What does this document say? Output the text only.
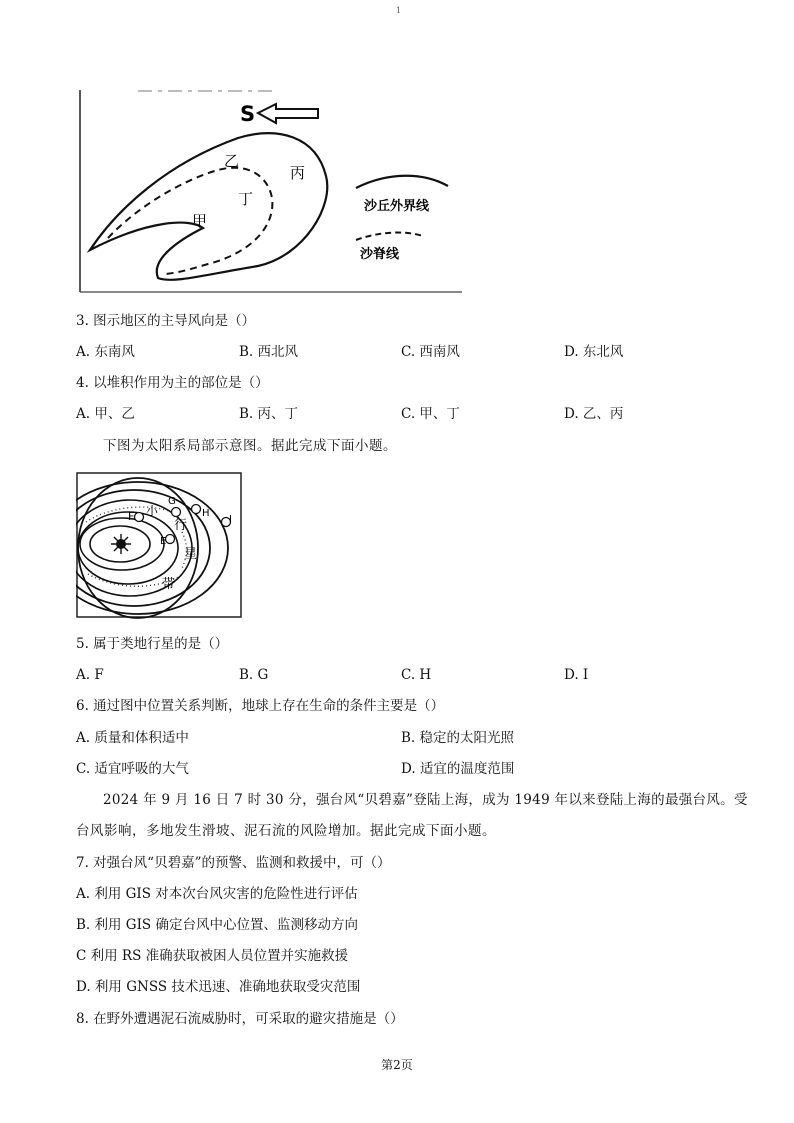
1
S
乙
丙
丁
甲
沙丘外界线
沙脊线
3. 图示地区的主导风向是（）
A. 东南风	B. 西北风	C. 西南风	D. 东北风
4. 以堆积作用为主的部位是（）
A. 甲、乙	B. 丙、丁	C. 甲、丁	D. 乙、丙
下图为太阳系局部示意图。据此完成下面小题。
F
G
H
I
E
小
行
星
带
5. 属于类地行星的是（）
A. F	B. G	C. H	D. I
6. 通过图中位置关系判断，地球上存在生命的条件主要是（）
A. 质量和体积适中	B. 稳定的太阳光照
C. 适宜呼吸的大气	D. 适宜的温度范围
2024 年 9 月 16 日 7 时 30 分，强台风“贝碧嘉”登陆上海，成为 1949 年以来登陆上海的最强台风。受
台风影响，多地发生滑坡、泥石流的风险增加。据此完成下面小题。
7. 对强台风“贝碧嘉”的预警、监测和救援中，可（）
A. 利用 GIS 对本次台风灾害的危险性进行评估
B. 利用 GIS 确定台风中心位置、监测移动方向
C 利用 RS 准确获取被困人员位置并实施救援
D. 利用 GNSS 技术迅速、准确地获取受灾范围
8. 在野外遭遇泥石流威胁时，可采取的避灾措施是（）
第2页
